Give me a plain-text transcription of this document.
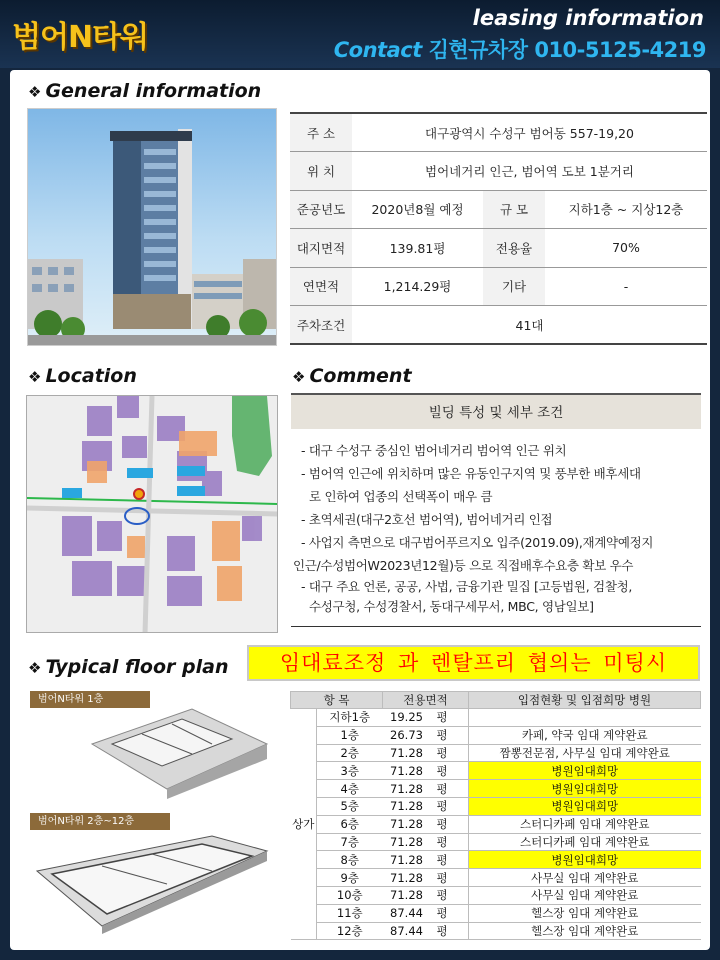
범어N타워
leasing information
Contact 김현규차장 010-5125-4219
❖ General information
주 소	대구광역시 수성구 범어동 557-19,20		
위 치	범어네거리 인근, 범어역 도보 1분거리		
준공년도	2020년8월 예정	규 모	지하1층 ~ 지상12층
대지면적	139.81평	전용율	70%
연면적	1,214.29평	기타	-
주차조건	41대		
❖ Location	❖ Comment
빌딩 특성 및 세부 조건
- 대구 수성구 중심인 범어네거리 범어역 인근 위치
- 범어역 인근에 위치하며 많은 유동인구지역 및 풍부한 배후세대
로 인하여 업종의 선택폭이 매우 큼
- 초역세권(대구2호선 범어역), 범어네거리 인접
- 사업지 측면으로 대구범어푸르지오 입주(2019.09),재계약예정지
인근/수성범어W2023년12월)등 으로 직접배후수요층 확보 우수
- 대구 주요 언론, 공공, 사법, 금융기관 밀집 [고등법원, 검찰청,
수성구청, 수성경찰서, 동대구세무서, MBC, 영남일보]
❖ Typical floor plan	임대료조정 과 렌탈프리 협의는 미팅시
범어N타워 1층
범어N타워 2층~12층
항 목		전용면적		입점현황 및 입점희망 병원
상가	지하1층	19.25	평	
	1층	26.73	평	카페, 약국 임대 계약완료
	2층	71.28	평	짬뽕전문점, 사무실 임대 계약완료
	3층	71.28	평	병원임대희망
	4층	71.28	평	병원임대희망
	5층	71.28	평	병원임대희망
	6층	71.28	평	스터디카페 임대 계약완료
	7층	71.28	평	스터디카페 임대 계약완료
	8층	71.28	평	병원임대희망
	9층	71.28	평	사무실 임대 계약완료
	10층	71.28	평	사무실 임대 계약완료
	11층	87.44	평	헬스장 임대 계약완료
	12층	87.44	평	헬스장 임대 계약완료
